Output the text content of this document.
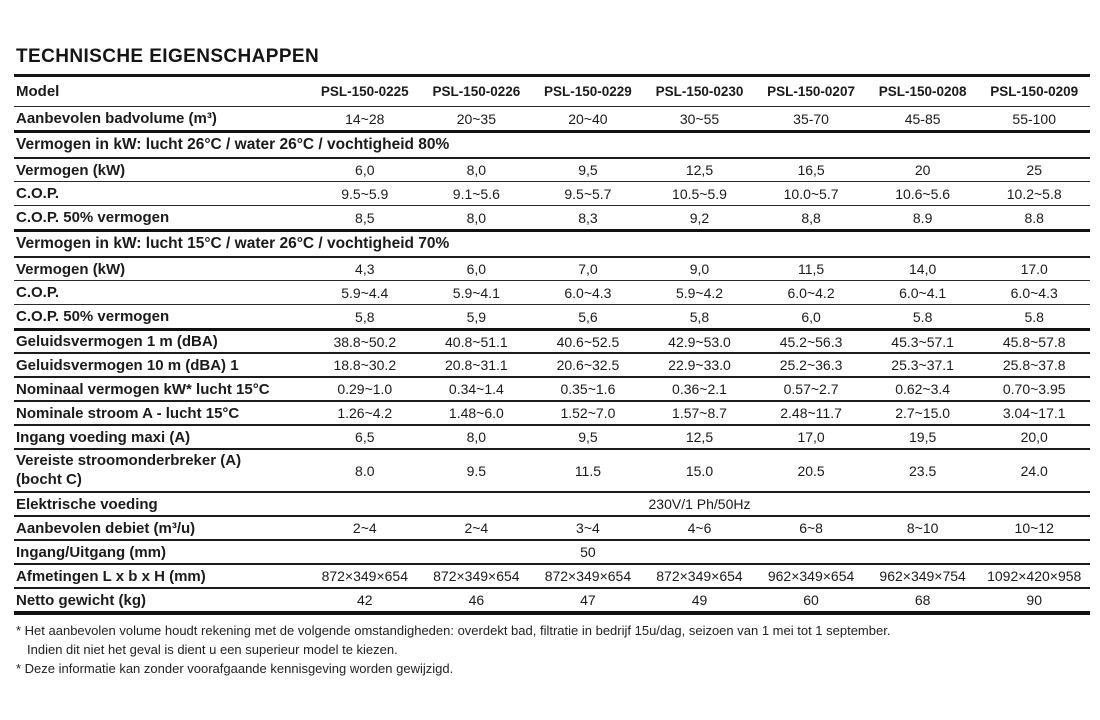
TECHNISCHE EIGENSCHAPPEN
Model	PSL-150-0225	PSL-150-0226	PSL-150-0229	PSL-150-0230	PSL-150-0207	PSL-150-0208	PSL-150-0209
Aanbevolen badvolume (m³)	14~28	20~35	20~40	30~55	35-70	45-85	55-100
Vermogen in kW: lucht 26°C / water 26°C / vochtigheid 80%
Vermogen (kW)	6,0	8,0	9,5	12,5	16,5	20	25
C.O.P.	9.5~5.9	9.1~5.6	9.5~5.7	10.5~5.9	10.0~5.7	10.6~5.6	10.2~5.8
C.O.P. 50% vermogen	8,5	8,0	8,3	9,2	8,8	8.9	8.8
Vermogen in kW: lucht 15°C / water 26°C / vochtigheid 70%
Vermogen (kW)	4,3	6,0	7,0	9,0	11,5	14,0	17.0
C.O.P.	5.9~4.4	5.9~4.1	6.0~4.3	5.9~4.2	6.0~4.2	6.0~4.1	6.0~4.3
C.O.P. 50% vermogen	5,8	5,9	5,6	5,8	6,0	5.8	5.8
Geluidsvermogen 1 m (dBA)	38.8~50.2	40.8~51.1	40.6~52.5	42.9~53.0	45.2~56.3	45.3~57.1	45.8~57.8
Geluidsvermogen 10 m (dBA) 1	18.8~30.2	20.8~31.1	20.6~32.5	22.9~33.0	25.2~36.3	25.3~37.1	25.8~37.8
Nominaal vermogen kW* lucht 15°C	0.29~1.0	0.34~1.4	0.35~1.6	0.36~2.1	0.57~2.7	0.62~3.4	0.70~3.95
Nominale stroom A - lucht 15°C	1.26~4.2	1.48~6.0	1.52~7.0	1.57~8.7	2.48~11.7	2.7~15.0	3.04~17.1
Ingang voeding maxi (A)	6,5	8,0	9,5	12,5	17,0	19,5	20,0
Vereiste stroomonderbreker (A)
(bocht C)	8.0	9.5	11.5	15.0	20.5	23.5	24.0
Elektrische voeding	230V/1 Ph/50Hz
Aanbevolen debiet (m³/u)	2~4	2~4	3~4	4~6	6~8	8~10	10~12
Ingang/Uitgang (mm)	50
Afmetingen L x b x H (mm)	872×349×654	872×349×654	872×349×654	872×349×654	962×349×654	962×349×754	1092×420×958
Netto gewicht (kg)	42	46	47	49	60	68	90
* Het aanbevolen volume houdt rekening met de volgende omstandigheden: overdekt bad, filtratie in bedrijf 15u/dag, seizoen van 1 mei tot 1 september.
Indien dit niet het geval is dient u een superieur model te kiezen.
* Deze informatie kan zonder voorafgaande kennisgeving worden gewijzigd.
